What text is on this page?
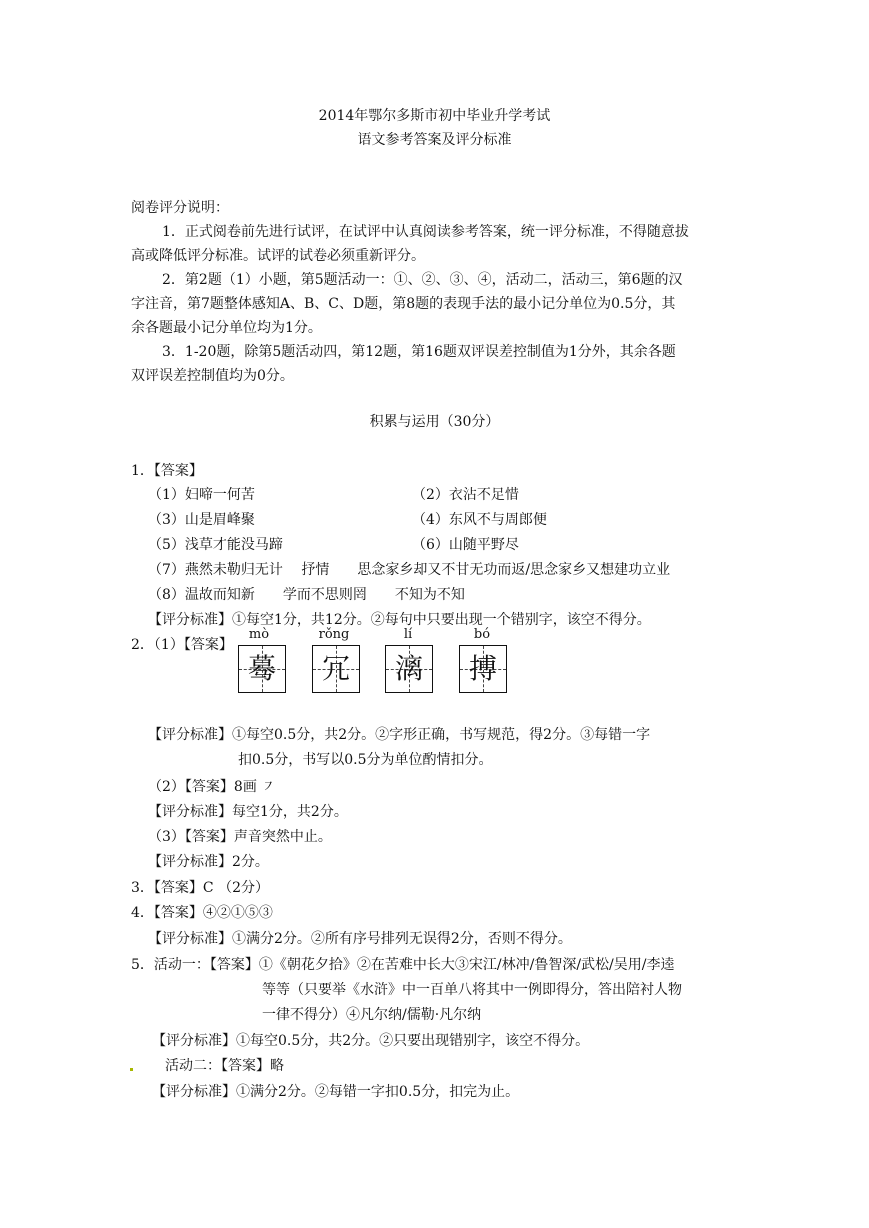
2014年鄂尔多斯市初中毕业升学考试
语文参考答案及评分标准
阅卷评分说明：
1．正式阅卷前先进行试评，在试评中认真阅读参考答案，统一评分标准，不得随意拔
高或降低评分标准。试评的试卷必须重新评分。
2．第2题（1）小题，第5题活动一：①、②、③、④，活动二，活动三，第6题的汉
字注音，第7题整体感知A、B、C、D题，第8题的表现手法的最小记分单位为0.5分，其
余各题最小记分单位均为1分。
3．1-20题，除第5题活动四，第12题，第16题双评误差控制值为1分外，其余各题
双评误差控制值均为0分。
积累与运用（30分）
1．【答案】
（1）妇啼一何苦	（2）衣沾不足惜
（3）山是眉峰聚	（4）东风不与周郎便
（5）浅草才能没马蹄	（6）山随平野尽
（7）燕然未勒归无计　 抒情　　思念家乡却又不甘无功而返/思念家乡又想建功立业
（8）温故而知新　　学而不思则罔　　不知为不知
【评分标准】①每空1分，共12分。②每句中只要出现一个错别字，该空不得分。
2．（1）【答案】
mò	rǒng	lí	bó
蓦	冗	漓	搏
【评分标准】①每空0.5分，共2分。②字形正确，书写规范，得2分。③每错一字
扣0.5分，书写以0.5分为单位酌情扣分。
（2）【答案】8画 ㇇
【评分标准】每空1分，共2分。
（3）【答案】声音突然中止。
【评分标准】2分。
3．【答案】C （2分）
4．【答案】④②①⑤③
【评分标准】①满分2分。②所有序号排列无误得2分，否则不得分。
5．活动一：【答案】①《朝花夕拾》②在苦难中长大③宋江/林冲/鲁智深/武松/吴用/李逵
等等（只要举《水浒》中一百单八将其中一例即得分，答出陪衬人物
一律不得分）④凡尔纳/儒勒·凡尔纳
【评分标准】①每空0.5分，共2分。②只要出现错别字，该空不得分。
活动二：【答案】略
【评分标准】①满分2分。②每错一字扣0.5分，扣完为止。
